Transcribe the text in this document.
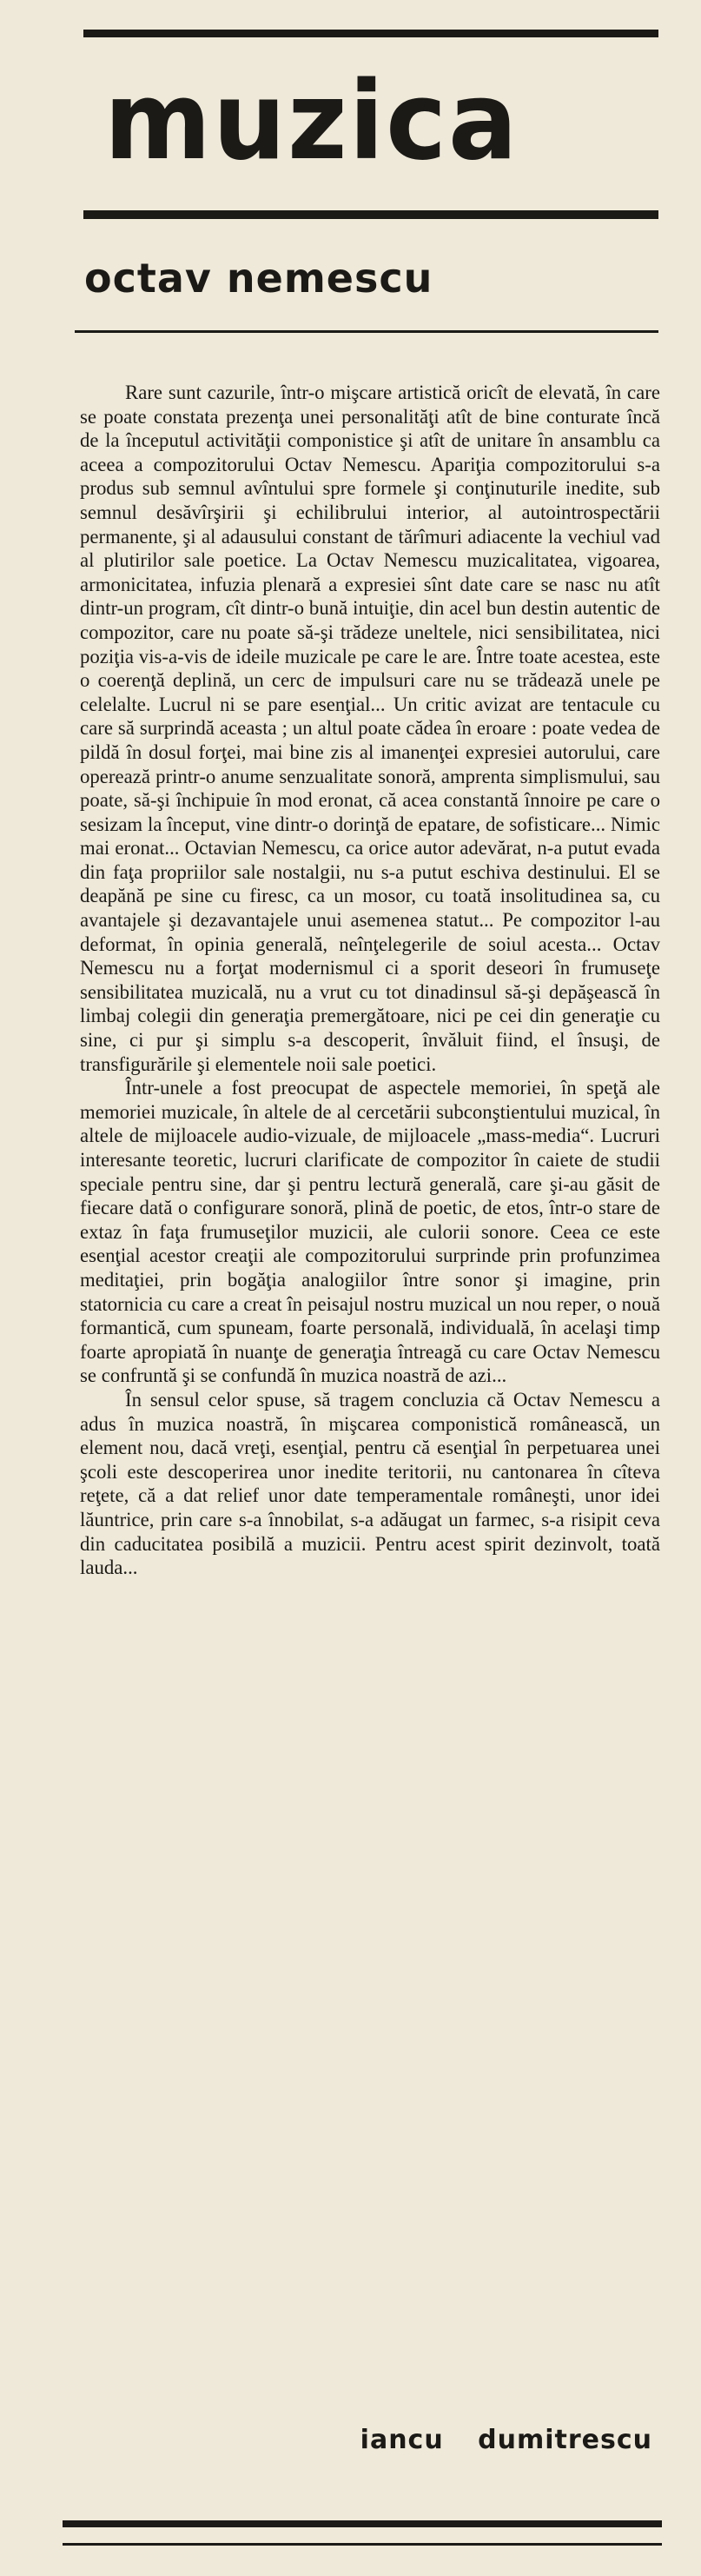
muzica
octav nemescu

Rare sunt cazurile, într-o mişcare artistică oricît de elevată, în care se poate constata prezenţa unei personalităţi atît de bine conturate încă de la începutul activităţii componistice şi atît de unitare în ansamblu ca aceea a compozitorului Octav Nemescu. Apariţia compozitorului s-a produs sub semnul avîntului spre formele şi conţinuturile inedite, sub semnul desăvîrşirii şi echilibrului interior, al autointrospectării permanente, şi al adausului constant de tărîmuri adiacente la vechiul vad al plutirilor sale poetice. La Octav Nemescu muzicalitatea, vigoarea, armonicitatea, infuzia plenară a expresiei sînt date care se nasc nu atît dintr-un program, cît dintr-o bună intuiţie, din acel bun destin autentic de compozitor, care nu poate să-şi trădeze uneltele, nici sensibilitatea, nici poziţia vis-a-vis de ideile muzicale pe care le are. Între toate acestea, este o coerenţă deplină, un cerc de impulsuri care nu se trădează unele pe celelalte. Lucrul ni se pare esenţial... Un critic avizat are tentacule cu care să surprindă aceasta ; un altul poate cădea în eroare : poate vedea de pildă în dosul forţei, mai bine zis al imanenţei expresiei autorului, care operează printr-o anume senzualitate sonoră, amprenta simplismului, sau poate, să-şi închipuie în mod eronat, că acea constantă înnoire pe care o sesizam la început, vine dintr-o dorinţă de epatare, de sofisticare... Nimic mai eronat... Octavian Nemescu, ca orice autor adevărat, n-a putut evada din faţa propriilor sale nostalgii, nu s-a putut eschiva destinului. El se deapănă pe sine cu firesc, ca un mosor, cu toată insolitudinea sa, cu avantajele şi dezavantajele unui asemenea statut... Pe compozitor l-au deformat, în opinia generală, neînţelegerile de soiul acesta... Octav Nemescu nu a forţat modernismul ci a sporit deseori în frumuseţe sensibilitatea muzicală, nu a vrut cu tot dinadinsul să-şi depăşească în limbaj colegii din generaţia premergătoare, nici pe cei din generaţie cu sine, ci pur şi simplu s-a descoperit, învăluit fiind, el însuşi, de transfigurările şi elementele noii sale poetici.

Într-unele a fost preocupat de aspectele memoriei, în speţă ale memoriei muzicale, în altele de al cercetării subconştientului muzical, în altele de mijloacele audio-vizuale, de mijloacele „mass-media“. Lucruri interesante teoretic, lucruri clarificate de compozitor în caiete de studii speciale pentru sine, dar şi pentru lectură generală, care şi-au găsit de fiecare dată o configurare sonoră, plină de poetic, de etos, într-o stare de extaz în faţa frumuseţilor muzicii, ale culorii sonore. Ceea ce este esenţial acestor creaţii ale compozitorului surprinde prin profunzimea meditaţiei, prin bogăţia analogiilor între sonor şi imagine, prin statornicia cu care a creat în peisajul nostru muzical un nou reper, o nouă formantică, cum spuneam, foarte personală, individuală, în acelaşi timp foarte apropiată în nuanţe de generaţia întreagă cu care Octav Nemescu se confruntă şi se confundă în muzica noastră de azi...

În sensul celor spuse, să tragem concluzia că Octav Nemescu a adus în muzica noastră, în mişcarea componistică românească, un element nou, dacă vreţi, esenţial, pentru că esenţial în perpetuarea unei şcoli este descoperirea unor inedite teritorii, nu cantonarea în cîteva reţete, că a dat relief unor date temperamentale româneşti, unor idei lăuntrice, prin care s-a înnobilat, s-a adăugat un farmec, s-a risipit ceva din caducitatea posibilă a muzicii. Pentru acest spirit dezinvolt, toată lauda...

iancu dumitrescu
